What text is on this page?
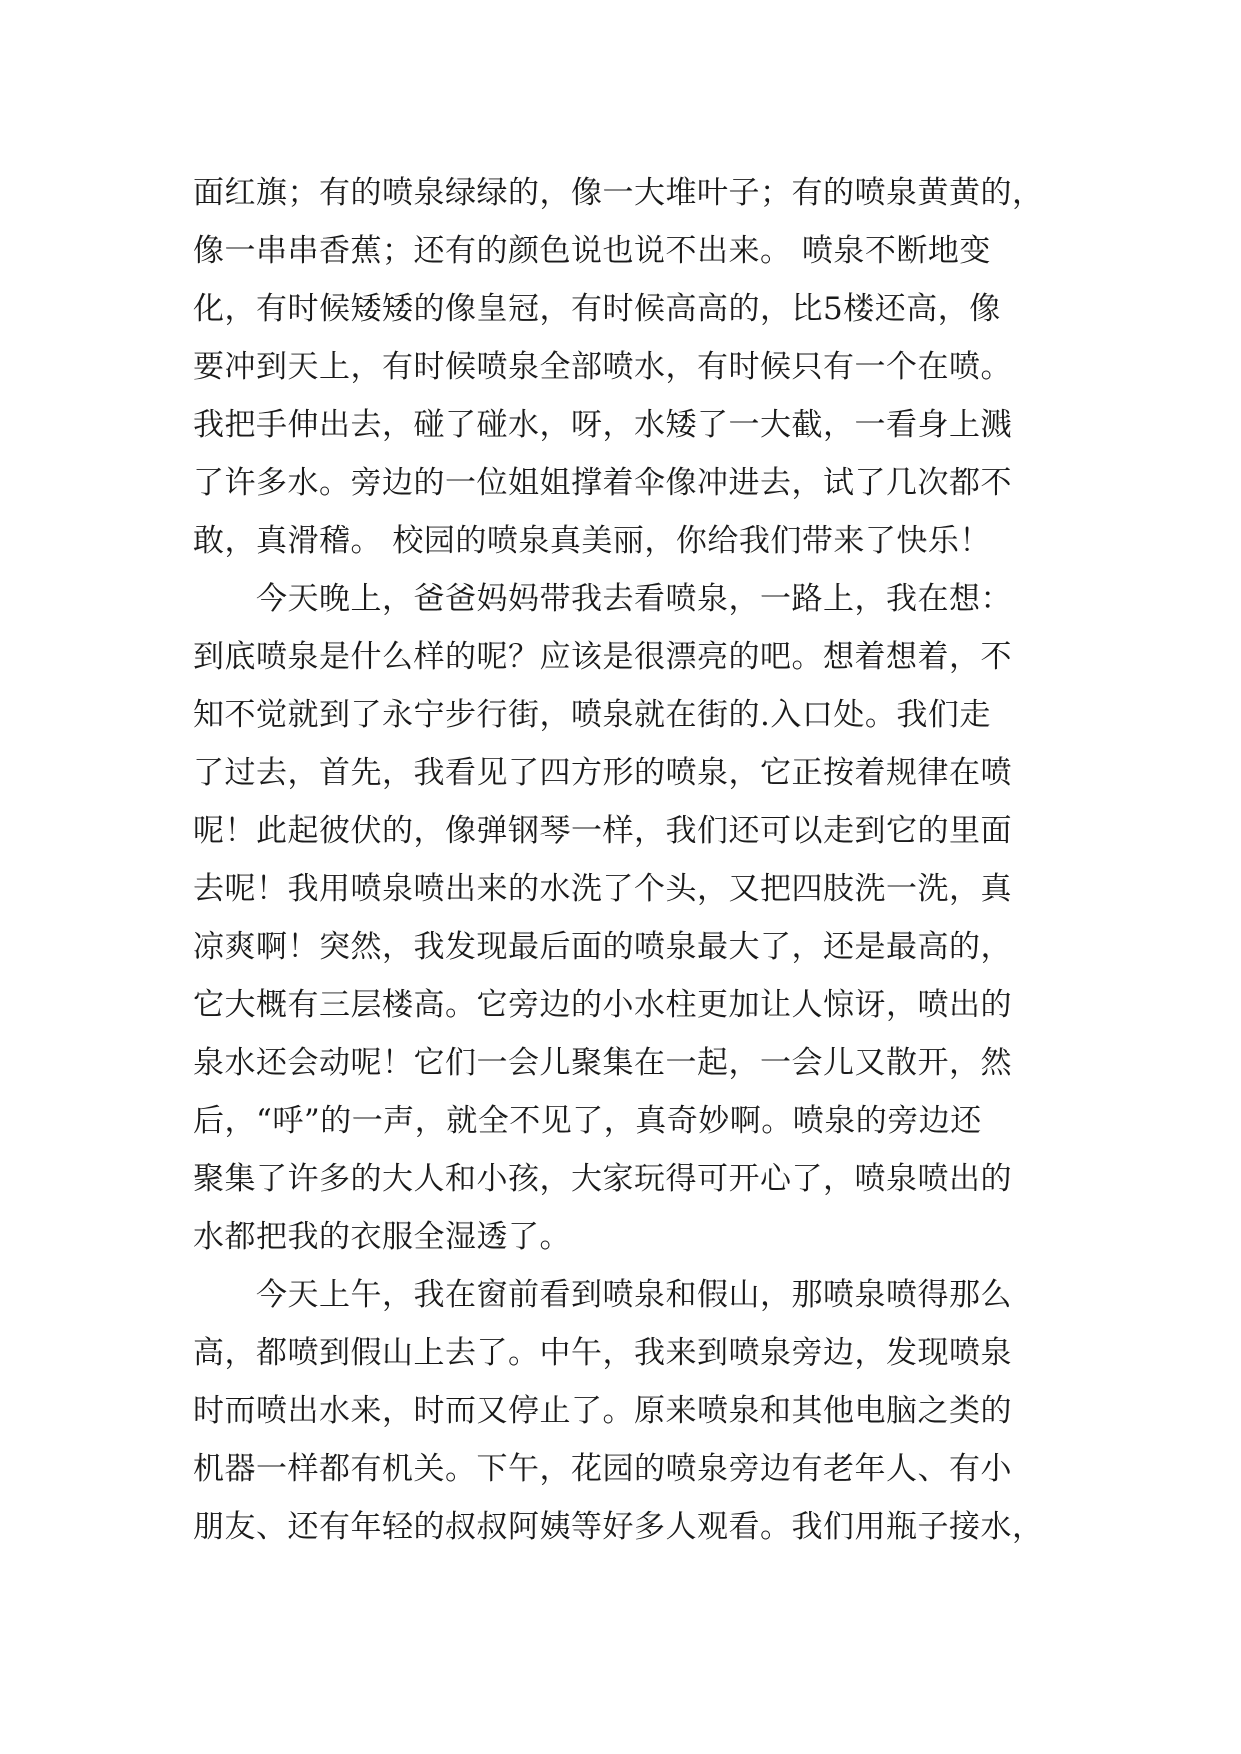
面红旗；有的喷泉绿绿的，像一大堆叶子；有的喷泉黄黄的，
像一串串香蕉；还有的颜色说也说不出来。 喷泉不断地变
化，有时候矮矮的像皇冠，有时候高高的，比5楼还高，像
要冲到天上，有时候喷泉全部喷水，有时候只有一个在喷。
我把手伸出去，碰了碰水，呀，水矮了一大截，一看身上溅
了许多水。旁边的一位姐姐撑着伞像冲进去，试了几次都不
敢，真滑稽。 校园的喷泉真美丽，你给我们带来了快乐！
　　今天晚上，爸爸妈妈带我去看喷泉，一路上，我在想：
到底喷泉是什么样的呢？应该是很漂亮的吧。想着想着，不
知不觉就到了永宁步行街，喷泉就在街的.入口处。我们走
了过去，首先，我看见了四方形的喷泉，它正按着规律在喷
呢！此起彼伏的，像弹钢琴一样，我们还可以走到它的里面
去呢！我用喷泉喷出来的水洗了个头，又把四肢洗一洗，真
凉爽啊！突然，我发现最后面的喷泉最大了，还是最高的，
它大概有三层楼高。它旁边的小水柱更加让人惊讶，喷出的
泉水还会动呢！它们一会儿聚集在一起，一会儿又散开，然
后，“呼”的一声，就全不见了，真奇妙啊。喷泉的旁边还
聚集了许多的大人和小孩，大家玩得可开心了，喷泉喷出的
水都把我的衣服全湿透了。
　　今天上午，我在窗前看到喷泉和假山，那喷泉喷得那么
高，都喷到假山上去了。中午，我来到喷泉旁边，发现喷泉
时而喷出水来，时而又停止了。原来喷泉和其他电脑之类的
机器一样都有机关。下午，花园的喷泉旁边有老年人、有小
朋友、还有年轻的叔叔阿姨等好多人观看。我们用瓶子接水，
